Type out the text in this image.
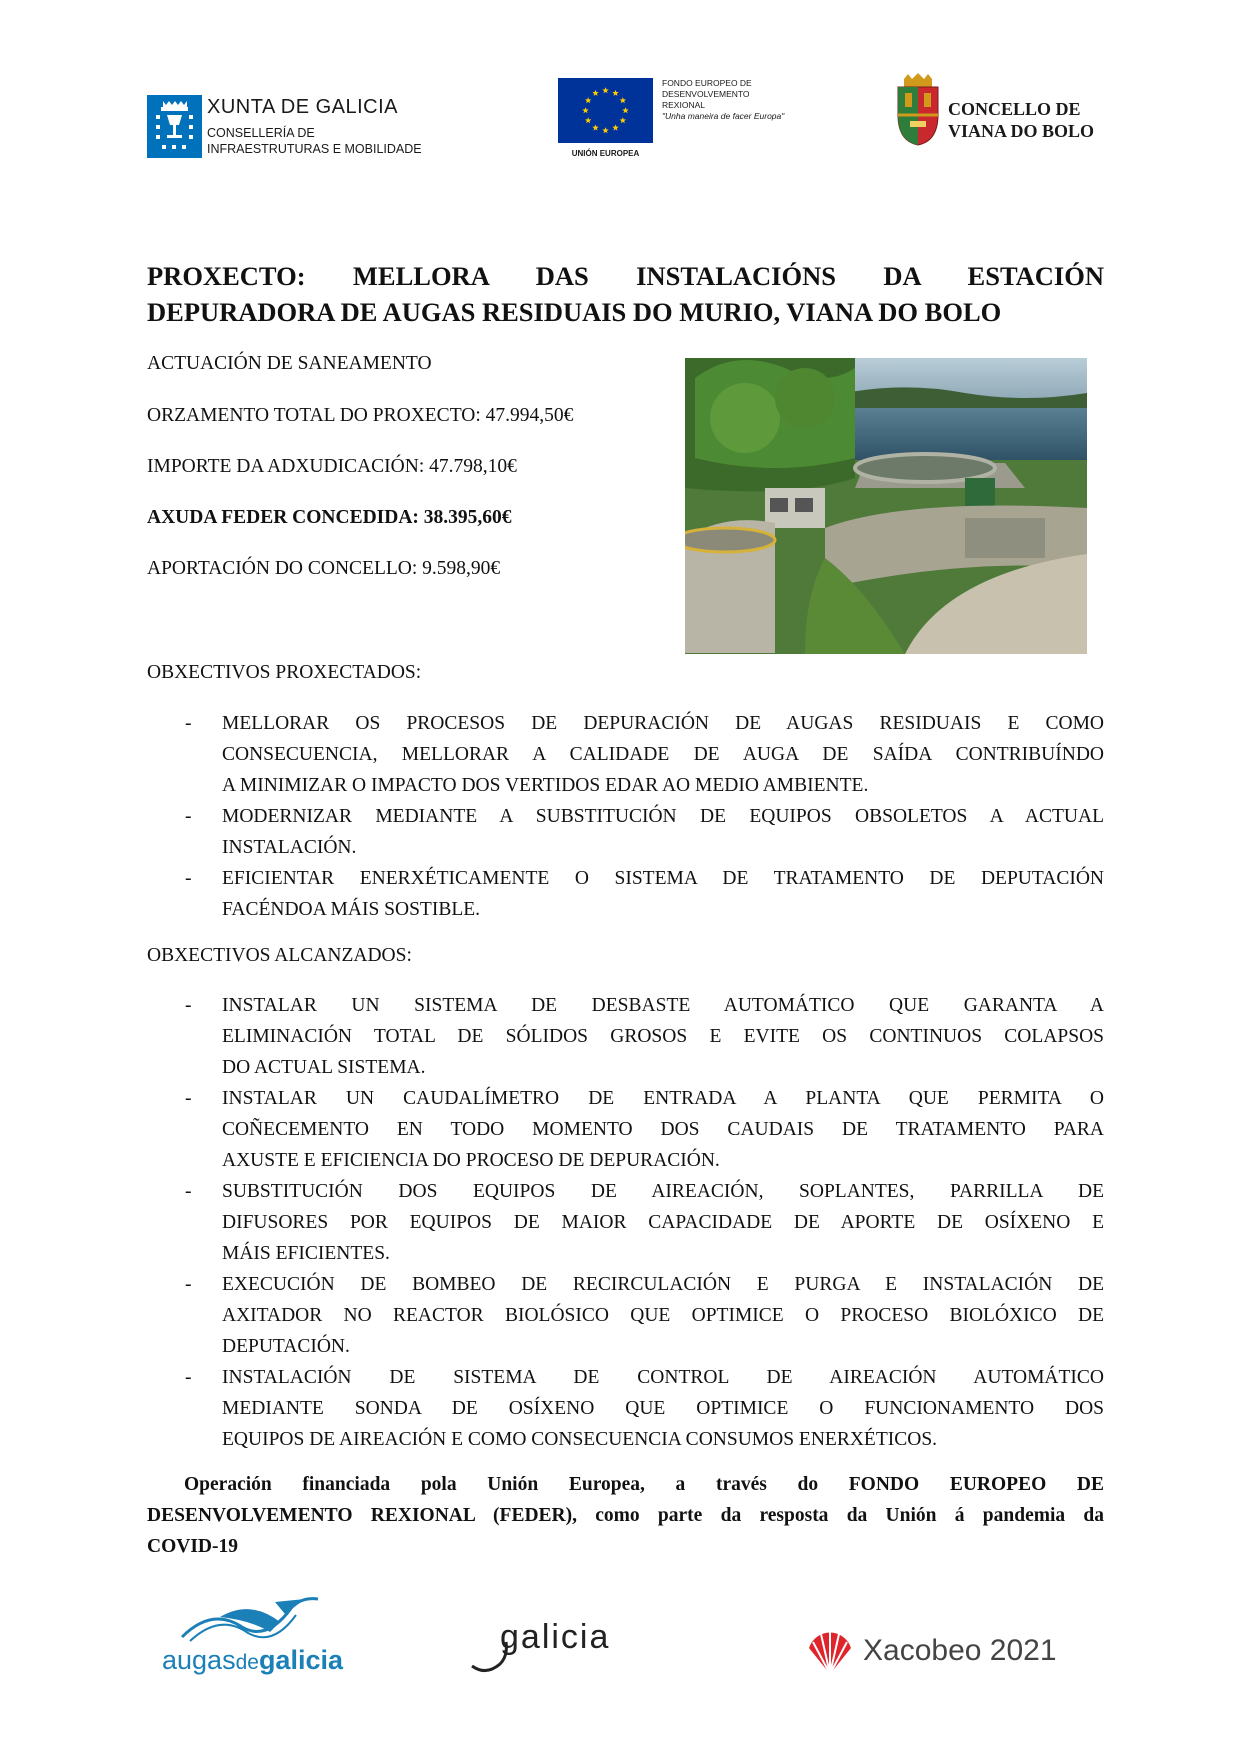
XUNTA DE GALICIA
CONSELLERÍA DE
INFRAESTRUTURAS E MOBILIDADE	UNIÓN EUROPEA
FONDO EUROPEO DE
DESENVOLVEMENTO
REXIONAL
"Unha maneira de facer Europa"	CONCELLO DE
VIANA DO BOLO
PROXECTO: MELLORA DAS INSTALACIÓNS DA ESTACIÓN
DEPURADORA DE AUGAS RESIDUAIS DO MURIO, VIANA DO BOLO
ACTUACIÓN DE SANEAMENTO
ORZAMENTO TOTAL DO PROXECTO: 47.994,50€
IMPORTE DA ADXUDICACIÓN: 47.798,10€
AXUDA FEDER CONCEDIDA: 38.395,60€
APORTACIÓN DO CONCELLO: 9.598,90€
OBXECTIVOS PROXECTADOS:
- MELLORAR OS PROCESOS DE DEPURACIÓN DE AUGAS RESIDUAIS E COMO
CONSECUENCIA, MELLORAR A CALIDADE DE AUGA DE SAÍDA CONTRIBUÍNDO
A MINIMIZAR O IMPACTO DOS VERTIDOS EDAR AO MEDIO AMBIENTE.
- MODERNIZAR MEDIANTE A SUBSTITUCIÓN DE EQUIPOS OBSOLETOS A ACTUAL
INSTALACIÓN.
- EFICIENTAR ENERXÉTICAMENTE O SISTEMA DE TRATAMENTO DE DEPUTACIÓN
FACÉNDOA MÁIS SOSTIBLE.
OBXECTIVOS ALCANZADOS:
- INSTALAR UN SISTEMA DE DESBASTE AUTOMÁTICO QUE GARANTA A
ELIMINACIÓN TOTAL DE SÓLIDOS GROSOS E EVITE OS CONTINUOS COLAPSOS
DO ACTUAL SISTEMA.
- INSTALAR UN CAUDALÍMETRO DE ENTRADA A PLANTA QUE PERMITA O
COÑECEMENTO EN TODO MOMENTO DOS CAUDAIS DE TRATAMENTO PARA
AXUSTE E EFICIENCIA DO PROCESO DE DEPURACIÓN.
- SUBSTITUCIÓN DOS EQUIPOS DE AIREACIÓN, SOPLANTES, PARRILLA DE
DIFUSORES POR EQUIPOS DE MAIOR CAPACIDADE DE APORTE DE OSÍXENO E
MÁIS EFICIENTES.
- EXECUCIÓN DE BOMBEO DE RECIRCULACIÓN E PURGA E INSTALACIÓN DE
AXITADOR NO REACTOR BIOLÓSICO QUE OPTIMICE O PROCESO BIOLÓXICO DE
DEPUTACIÓN.
- INSTALACIÓN DE SISTEMA DE CONTROL DE AIREACIÓN AUTOMÁTICO
MEDIANTE SONDA DE OSÍXENO QUE OPTIMICE O FUNCIONAMENTO DOS
EQUIPOS DE AIREACIÓN E COMO CONSECUENCIA CONSUMOS ENERXÉTICOS.
Operación financiada pola Unión Europea, a través do FONDO EUROPEO DE
DESENVOLVEMENTO REXIONAL (FEDER), como parte da resposta da Unión á pandemia da
COVID-19
augasdegalicia
galicia	Xacobeo 2021
